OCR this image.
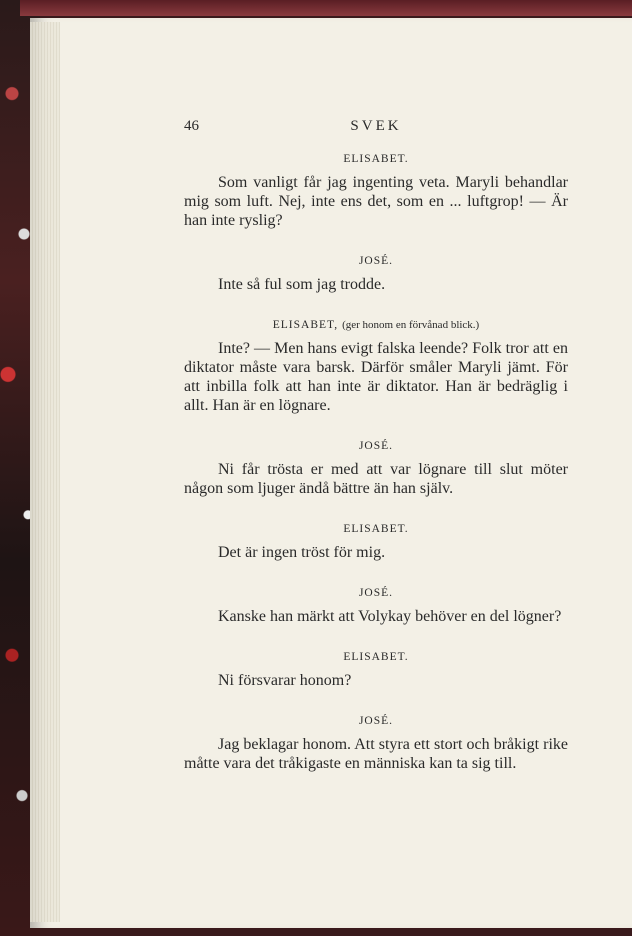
46	SVEK
ELISABET.

Som vanligt får jag ingenting veta. Maryli behandlar mig som luft. Nej, inte ens det, som en ... luftgrop! — Är han inte ryslig?

JOSÉ.

Inte så ful som jag trodde.

ELISABET, (ger honom en förvånad blick.)

Inte? — Men hans evigt falska leende? Folk tror att en diktator måste vara barsk. Därför småler Maryli jämt. För att inbilla folk att han inte är diktator. Han är bedräglig i allt. Han är en lögnare.

JOSÉ.

Ni får trösta er med att var lögnare till slut möter någon som ljuger ändå bättre än han själv.

ELISABET.

Det är ingen tröst för mig.

JOSÉ.

Kanske han märkt att Volykay behöver en del lögner?

ELISABET.

Ni försvarar honom?

JOSÉ.

Jag beklagar honom. Att styra ett stort och bråkigt rike måtte vara det tråkigaste en människa kan ta sig till.
